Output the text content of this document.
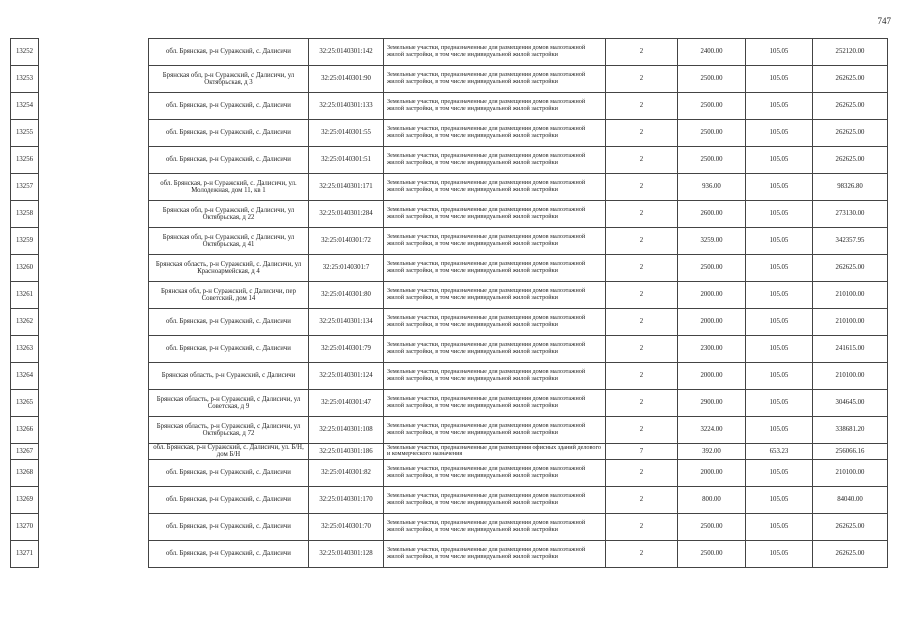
747
13252		обл. Брянская, р-н Суражский, с. Далисичи	32:25:0140301:142	Земельные участки, предназначенные для размещения домов малоэтажной жилой застройки, в том числе индивидуальной жилой застройки	2	2400.00	105.05	252120.00
13253		Брянская обл, р-н Суражский, с Далисичи, ул Октябрьская, д 3	32:25:0140301:90	Земельные участки, предназначенные для размещения домов малоэтажной жилой застройки, в том числе индивидуальной жилой застройки	2	2500.00	105.05	262625.00
13254		обл. Брянская, р-н Суражский, с. Далисичи	32:25:0140301:133	Земельные участки, предназначенные для размещения домов малоэтажной жилой застройки, в том числе индивидуальной жилой застройки	2	2500.00	105.05	262625.00
13255		обл. Брянская, р-н Суражский, с. Далисичи	32:25:0140301:55	Земельные участки, предназначенные для размещения домов малоэтажной жилой застройки, в том числе индивидуальной жилой застройки	2	2500.00	105.05	262625.00
13256		обл. Брянская, р-н Суражский, с. Далисичи	32:25:0140301:51	Земельные участки, предназначенные для размещения домов малоэтажной жилой застройки, в том числе индивидуальной жилой застройки	2	2500.00	105.05	262625.00
13257		обл. Брянская, р-н Суражский, с. Далисичи, ул. Молодежная, дом 11, кв 1	32:25:0140301:171	Земельные участки, предназначенные для размещения домов малоэтажной жилой застройки, в том числе индивидуальной жилой застройки	2	936.00	105.05	98326.80
13258		Брянская обл, р-н Суражский, с Далисичи, ул Октябрьская, д 22	32:25:0140301:284	Земельные участки, предназначенные для размещения домов малоэтажной жилой застройки, в том числе индивидуальной жилой застройки	2	2600.00	105.05	273130.00
13259		Брянская обл, р-н Суражский, с Далисичи, ул Октябрьская, д 41	32:25:0140301:72	Земельные участки, предназначенные для размещения домов малоэтажной жилой застройки, в том числе индивидуальной жилой застройки	2	3259.00	105.05	342357.95
13260		Брянская область, р-н Суражский, с. Далисичи, ул Красноармейская, д 4	32:25:0140301:7	Земельные участки, предназначенные для размещения домов малоэтажной жилой застройки, в том числе индивидуальной жилой застройки	2	2500.00	105.05	262625.00
13261		Брянская обл, р-н Суражский, с Далисичи, пер Советский, дом 14	32:25:0140301:80	Земельные участки, предназначенные для размещения домов малоэтажной жилой застройки, в том числе индивидуальной жилой застройки	2	2000.00	105.05	210100.00
13262		обл. Брянская, р-н Суражский, с. Далисичи	32:25:0140301:134	Земельные участки, предназначенные для размещения домов малоэтажной жилой застройки, в том числе индивидуальной жилой застройки	2	2000.00	105.05	210100.00
13263		обл. Брянская, р-н Суражский, с. Далисичи	32:25:0140301:79	Земельные участки, предназначенные для размещения домов малоэтажной жилой застройки, в том числе индивидуальной жилой застройки	2	2300.00	105.05	241615.00
13264		Брянская область, р-н Суражский, с Далисичи	32:25:0140301:124	Земельные участки, предназначенные для размещения домов малоэтажной жилой застройки, в том числе индивидуальной жилой застройки	2	2000.00	105.05	210100.00
13265		Брянская область, р-н Суражский, с Далисичи, ул Советская, д 9	32:25:0140301:47	Земельные участки, предназначенные для размещения домов малоэтажной жилой застройки, в том числе индивидуальной жилой застройки	2	2900.00	105.05	304645.00
13266		Брянская область, р-н Суражский, с Далисичи, ул Октябрьская, д 72	32:25:0140301:108	Земельные участки, предназначенные для размещения домов малоэтажной жилой застройки, в том числе индивидуальной жилой застройки	2	3224.00	105.05	338681.20
13267		обл. Брянская, р-н Суражский, с. Далисичи, ул. Б/Н, дом Б/Н	32:25:0140301:186	Земельные участки, предназначенные для размещения офисных зданий делового и коммерческого назначения	7	392.00	653.23	256066.16
13268		обл. Брянская, р-н Суражский, с. Далисичи	32:25:0140301:82	Земельные участки, предназначенные для размещения домов малоэтажной жилой застройки, в том числе индивидуальной жилой застройки	2	2000.00	105.05	210100.00
13269		обл. Брянская, р-н Суражский, с. Далисичи	32:25:0140301:170	Земельные участки, предназначенные для размещения домов малоэтажной жилой застройки, в том числе индивидуальной жилой застройки	2	800.00	105.05	84040.00
13270		обл. Брянская, р-н Суражский, с. Далисичи	32:25:0140301:70	Земельные участки, предназначенные для размещения домов малоэтажной жилой застройки, в том числе индивидуальной жилой застройки	2	2500.00	105.05	262625.00
13271		обл. Брянская, р-н Суражский, с. Далисичи	32:25:0140301:128	Земельные участки, предназначенные для размещения домов малоэтажной жилой застройки, в том числе индивидуальной жилой застройки	2	2500.00	105.05	262625.00
